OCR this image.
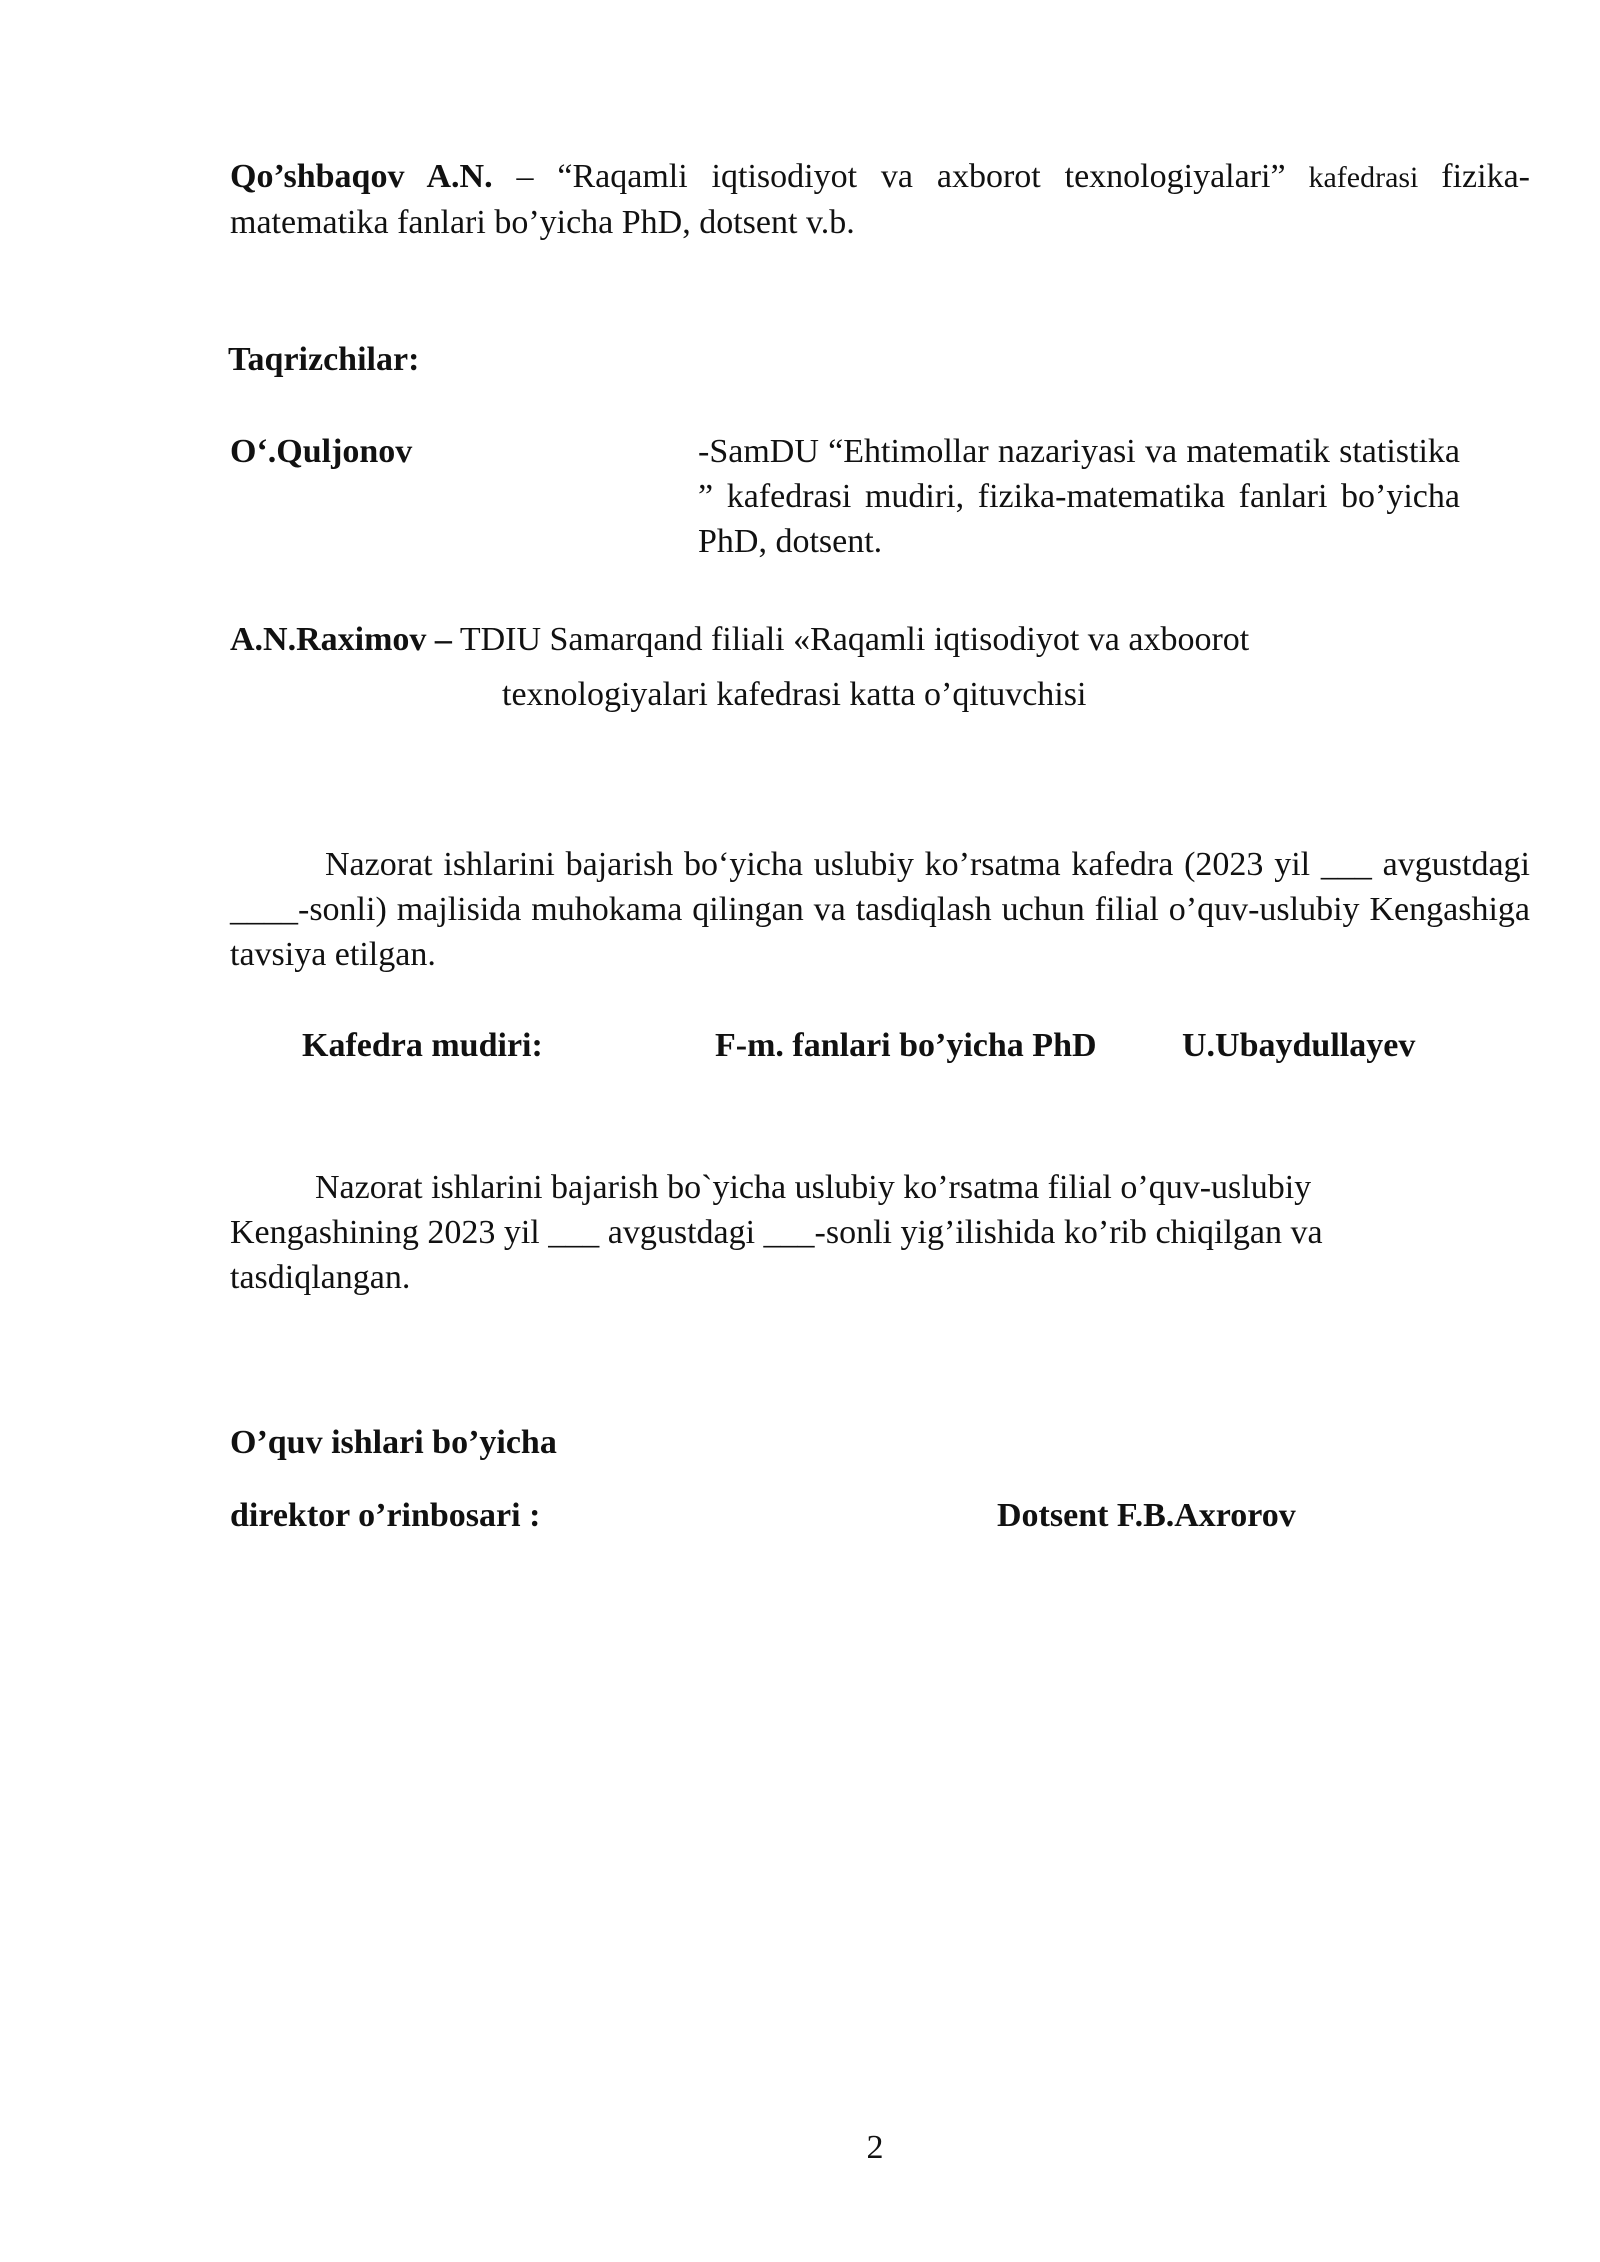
Qo’shbaqov A.N. – “Raqamli iqtisodiyot va axborot texnologiyalari” kafedrasi fizika-matematika fanlari bo’yicha PhD, dotsent v.b.
Taqrizchilar:
O‘.Quljonov	-SamDU “Ehtimollar nazariyasi va matematik statistika ” kafedrasi mudiri, fizika-matematika fanlari bo’yicha PhD, dotsent.
A.N.Raximov – TDIU Samarqand filiali «Raqamli iqtisodiyot va axboorot
texnologiyalari kafedrasi katta o’qituvchisi
Nazorat ishlarini bajarish bo‘yicha uslubiy ko’rsatma kafedra (2023 yil ___ avgustdagi ____-sonli) majlisida muhokama qilingan va tasdiqlash uchun filial o’quv-uslubiy Kengashiga tavsiya etilgan.
Kafedra mudiri:	F-m. fanlari bo’yicha PhD	U.Ubaydullayev
Nazorat ishlarini bajarish bo`yicha uslubiy ko’rsatma filial o’quv-uslubiy
Kengashining 2023 yil ___ avgustdagi ___-sonli yig’ilishida ko’rib chiqilgan va
tasdiqlangan.
O’quv ishlari bo’yicha
direktor o’rinbosari :	Dotsent F.B.Axrorov
2
